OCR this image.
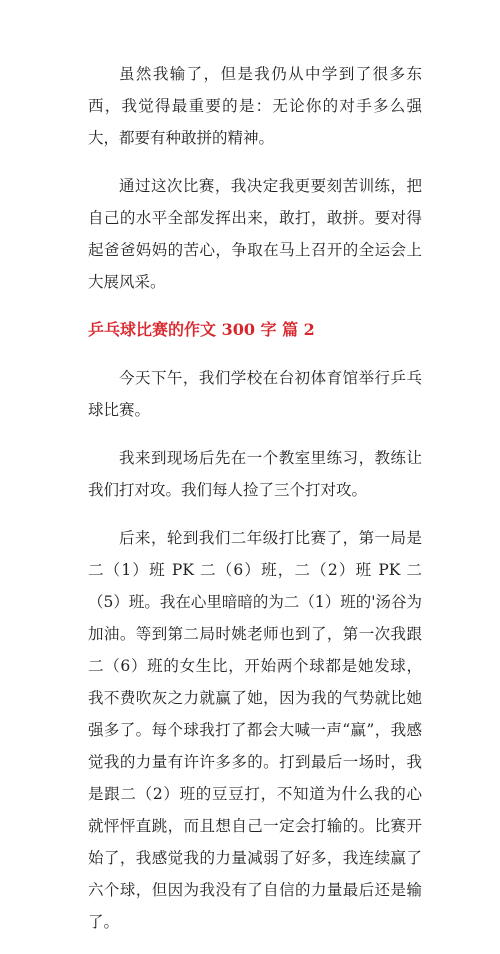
虽然我输了，但是我仍从中学到了很多东西，我觉得最重要的是：无论你的对手多么强大，都要有种敢拼的精神。

通过这次比赛，我决定我更要刻苦训练，把自己的水平全部发挥出来，敢打，敢拼。要对得起爸爸妈妈的苦心，争取在马上召开的全运会上大展风采。

乒乓球比赛的作文 300 字 篇 2

今天下午，我们学校在台初体育馆举行乒乓球比赛。

我来到现场后先在一个教室里练习，教练让我们打对攻。我们每人捡了三个打对攻。

后来，轮到我们二年级打比赛了，第一局是二（1）班 PK 二（6）班，二（2）班 PK 二（5）班。我在心里暗暗的为二（1）班的'汤谷为加油。等到第二局时姚老师也到了，第一次我跟二（6）班的女生比，开始两个球都是她发球，我不费吹灰之力就赢了她，因为我的气势就比她强多了。每个球我打了都会大喊一声“赢”，我感觉我的力量有许许多多的。打到最后一场时，我是跟二（2）班的豆豆打，不知道为什么我的心就怦怦直跳，而且想自己一定会打输的。比赛开始了，我感觉我的力量减弱了好多，我连续赢了六个球，但因为我没有了自信的力量最后还是输了。
